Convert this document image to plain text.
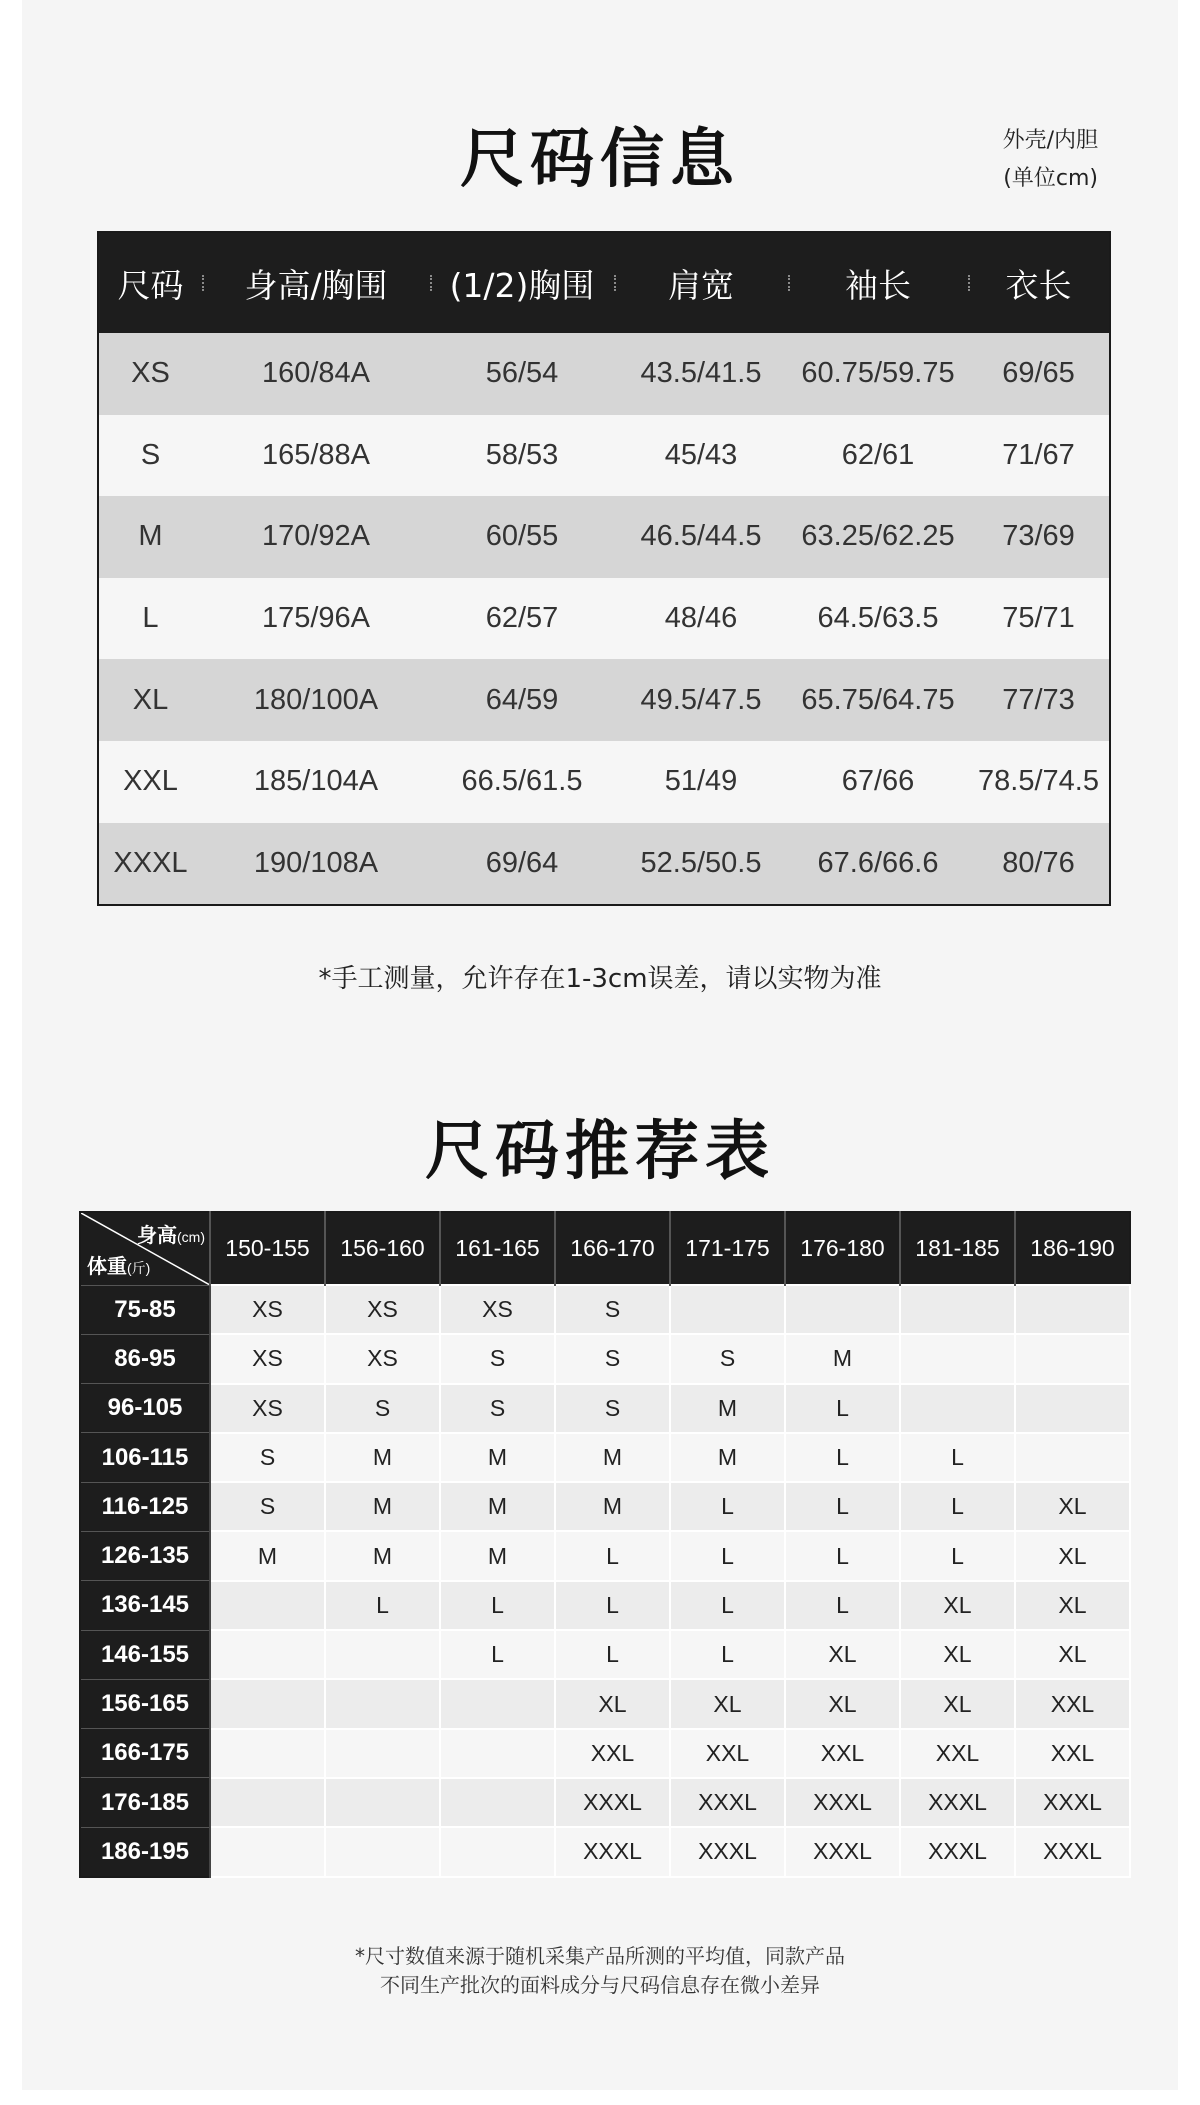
尺码信息	外壳/内胆
(单位cm)
尺码	身高/胸围	(1/2)胸围	肩宽	袖长	衣长
XS	160/84A	56/54	43.5/41.5	60.75/59.75	69/65
S	165/88A	58/53	45/43	62/61	71/67
M	170/92A	60/55	46.5/44.5	63.25/62.25	73/69
L	175/96A	62/57	48/46	64.5/63.5	75/71
XL	180/100A	64/59	49.5/47.5	65.75/64.75	77/73
XXL	185/104A	66.5/61.5	51/49	67/66	78.5/74.5
XXXL	190/108A	69/64	52.5/50.5	67.6/66.6	80/76
*手工测量，允许存在1-3cm误差，请以实物为准
尺码推荐表
身高(cm)
体重(斤)	150-155	156-160	161-165	166-170	171-175	176-180	181-185	186-190
75-85	XS	XS	XS	S				
86-95	XS	XS	S	S	S	M		
96-105	XS	S	S	S	M	L		
106-115	S	M	M	M	M	L	L	
116-125	S	M	M	M	L	L	L	XL
126-135	M	M	M	L	L	L	L	XL
136-145		L	L	L	L	L	XL	XL
146-155			L	L	L	XL	XL	XL
156-165				XL	XL	XL	XL	XXL
166-175				XXL	XXL	XXL	XXL	XXL
176-185				XXXL	XXXL	XXXL	XXXL	XXXL
186-195				XXXL	XXXL	XXXL	XXXL	XXXL
*尺寸数值来源于随机采集产品所测的平均值，同款产品
不同生产批次的面料成分与尺码信息存在微小差异
